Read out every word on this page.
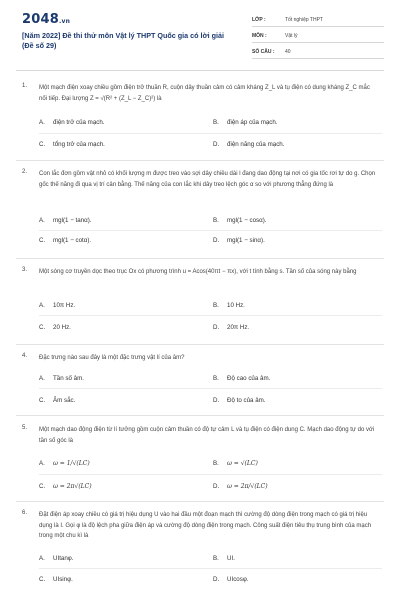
2048.vn
[Năm 2022] Đề thi thử môn Vật lý THPT Quốc gia có lời giải (Đề số 29)
LỚP :	Tốt nghiệp THPT
MÔN :	Vật lý
SỐ CÂU :	40
1. Một mạch điện xoay chiều gồm điện trở thuần R, cuộn dây thuần cảm có cảm kháng Z_L và tụ điện có dung kháng Z_C mắc nối tiếp. Đại lượng Z = √(R² + (Z_L − Z_C)²) là
A. điện trở của mạch.	B. điện áp của mạch.
C. tổng trở của mạch.	D. điện năng của mạch.
2. Con lắc đơn gồm vật nhỏ có khối lượng m được treo vào sợi dây chiều dài l đang dao động tại nơi có gia tốc rơi tự do g. Chọn gốc thế năng đi qua vị trí cân bằng. Thế năng của con lắc khi dây treo lệch góc α so với phương thẳng đứng là
A. mgl(1 − tanα).	B. mgl(1 − cosα).
C. mgl(1 − cotα).	D. mgl(1 − sinα).
3. Một sóng cơ truyền dọc theo trục Ox có phương trình u = Acos(40πt − πx), với t tính bằng s. Tần số của sóng này bằng
A. 10π Hz.	B. 10 Hz.
C. 20 Hz.	D. 20π Hz.
4. Đặc trưng nào sau đây là một đặc trưng vật lí của âm?
A. Tần số âm.	B. Độ cao của âm.
C. Âm sắc.	D. Độ to của âm.
5. Một mạch dao động điện từ lí tưởng gồm cuộn cảm thuần có độ tự cảm L và tụ điện có điện dung C. Mạch dao động tự do với tần số góc là
A. ω = 1/√(LC)	B. ω = √(LC)
C. ω = 2π√(LC)	D. ω = 2π/√(LC)
6. Đặt điện áp xoay chiều có giá trị hiệu dụng U vào hai đầu một đoạn mạch thì cường độ dòng điện trong mạch có giá trị hiệu dụng là I. Gọi φ là độ lệch pha giữa điện áp và cường độ dòng điện trong mạch. Công suất điện tiêu thụ trung bình của mạch trong một chu kì là
A. UItanφ.	B. UI.
C. UIsinφ.	D. UIcosφ.
